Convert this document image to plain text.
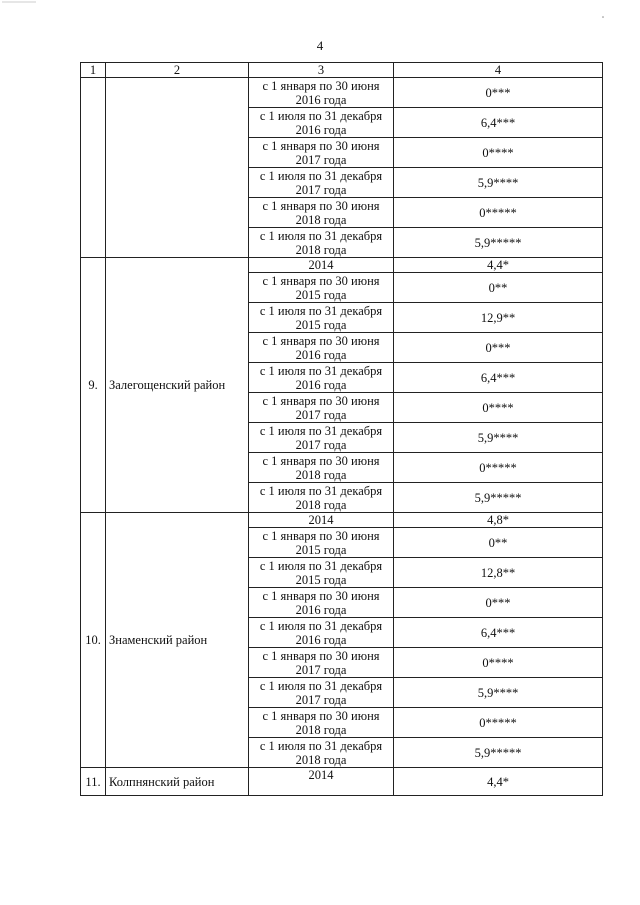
4
1	2	3	4
		с 1 января по 30 июня 2016 года	0***
		с 1 июля по 31 декабря 2016 года	6,4***
		с 1 января по 30 июня 2017 года	0****
		с 1 июля по 31 декабря 2017 года	5,9****
		с 1 января по 30 июня 2018 года	0*****
		с 1 июля по 31 декабря 2018 года	5,9*****
9.	Залегощенский район	2014	4,4*
		с 1 января по 30 июня 2015 года	0**
		с 1 июля по 31 декабря 2015 года	12,9**
		с 1 января по 30 июня 2016 года	0***
		с 1 июля по 31 декабря 2016 года	6,4***
		с 1 января по 30 июня 2017 года	0****
		с 1 июля по 31 декабря 2017 года	5,9****
		с 1 января по 30 июня 2018 года	0*****
		с 1 июля по 31 декабря 2018 года	5,9*****
10.	Знаменский район	2014	4,8*
		с 1 января по 30 июня 2015 года	0**
		с 1 июля по 31 декабря 2015 года	12,8**
		с 1 января по 30 июня 2016 года	0***
		с 1 июля по 31 декабря 2016 года	6,4***
		с 1 января по 30 июня 2017 года	0****
		с 1 июля по 31 декабря 2017 года	5,9****
		с 1 января по 30 июня 2018 года	0*****
		с 1 июля по 31 декабря 2018 года	5,9*****
11.	Колпнянский район	2014	4,4*
